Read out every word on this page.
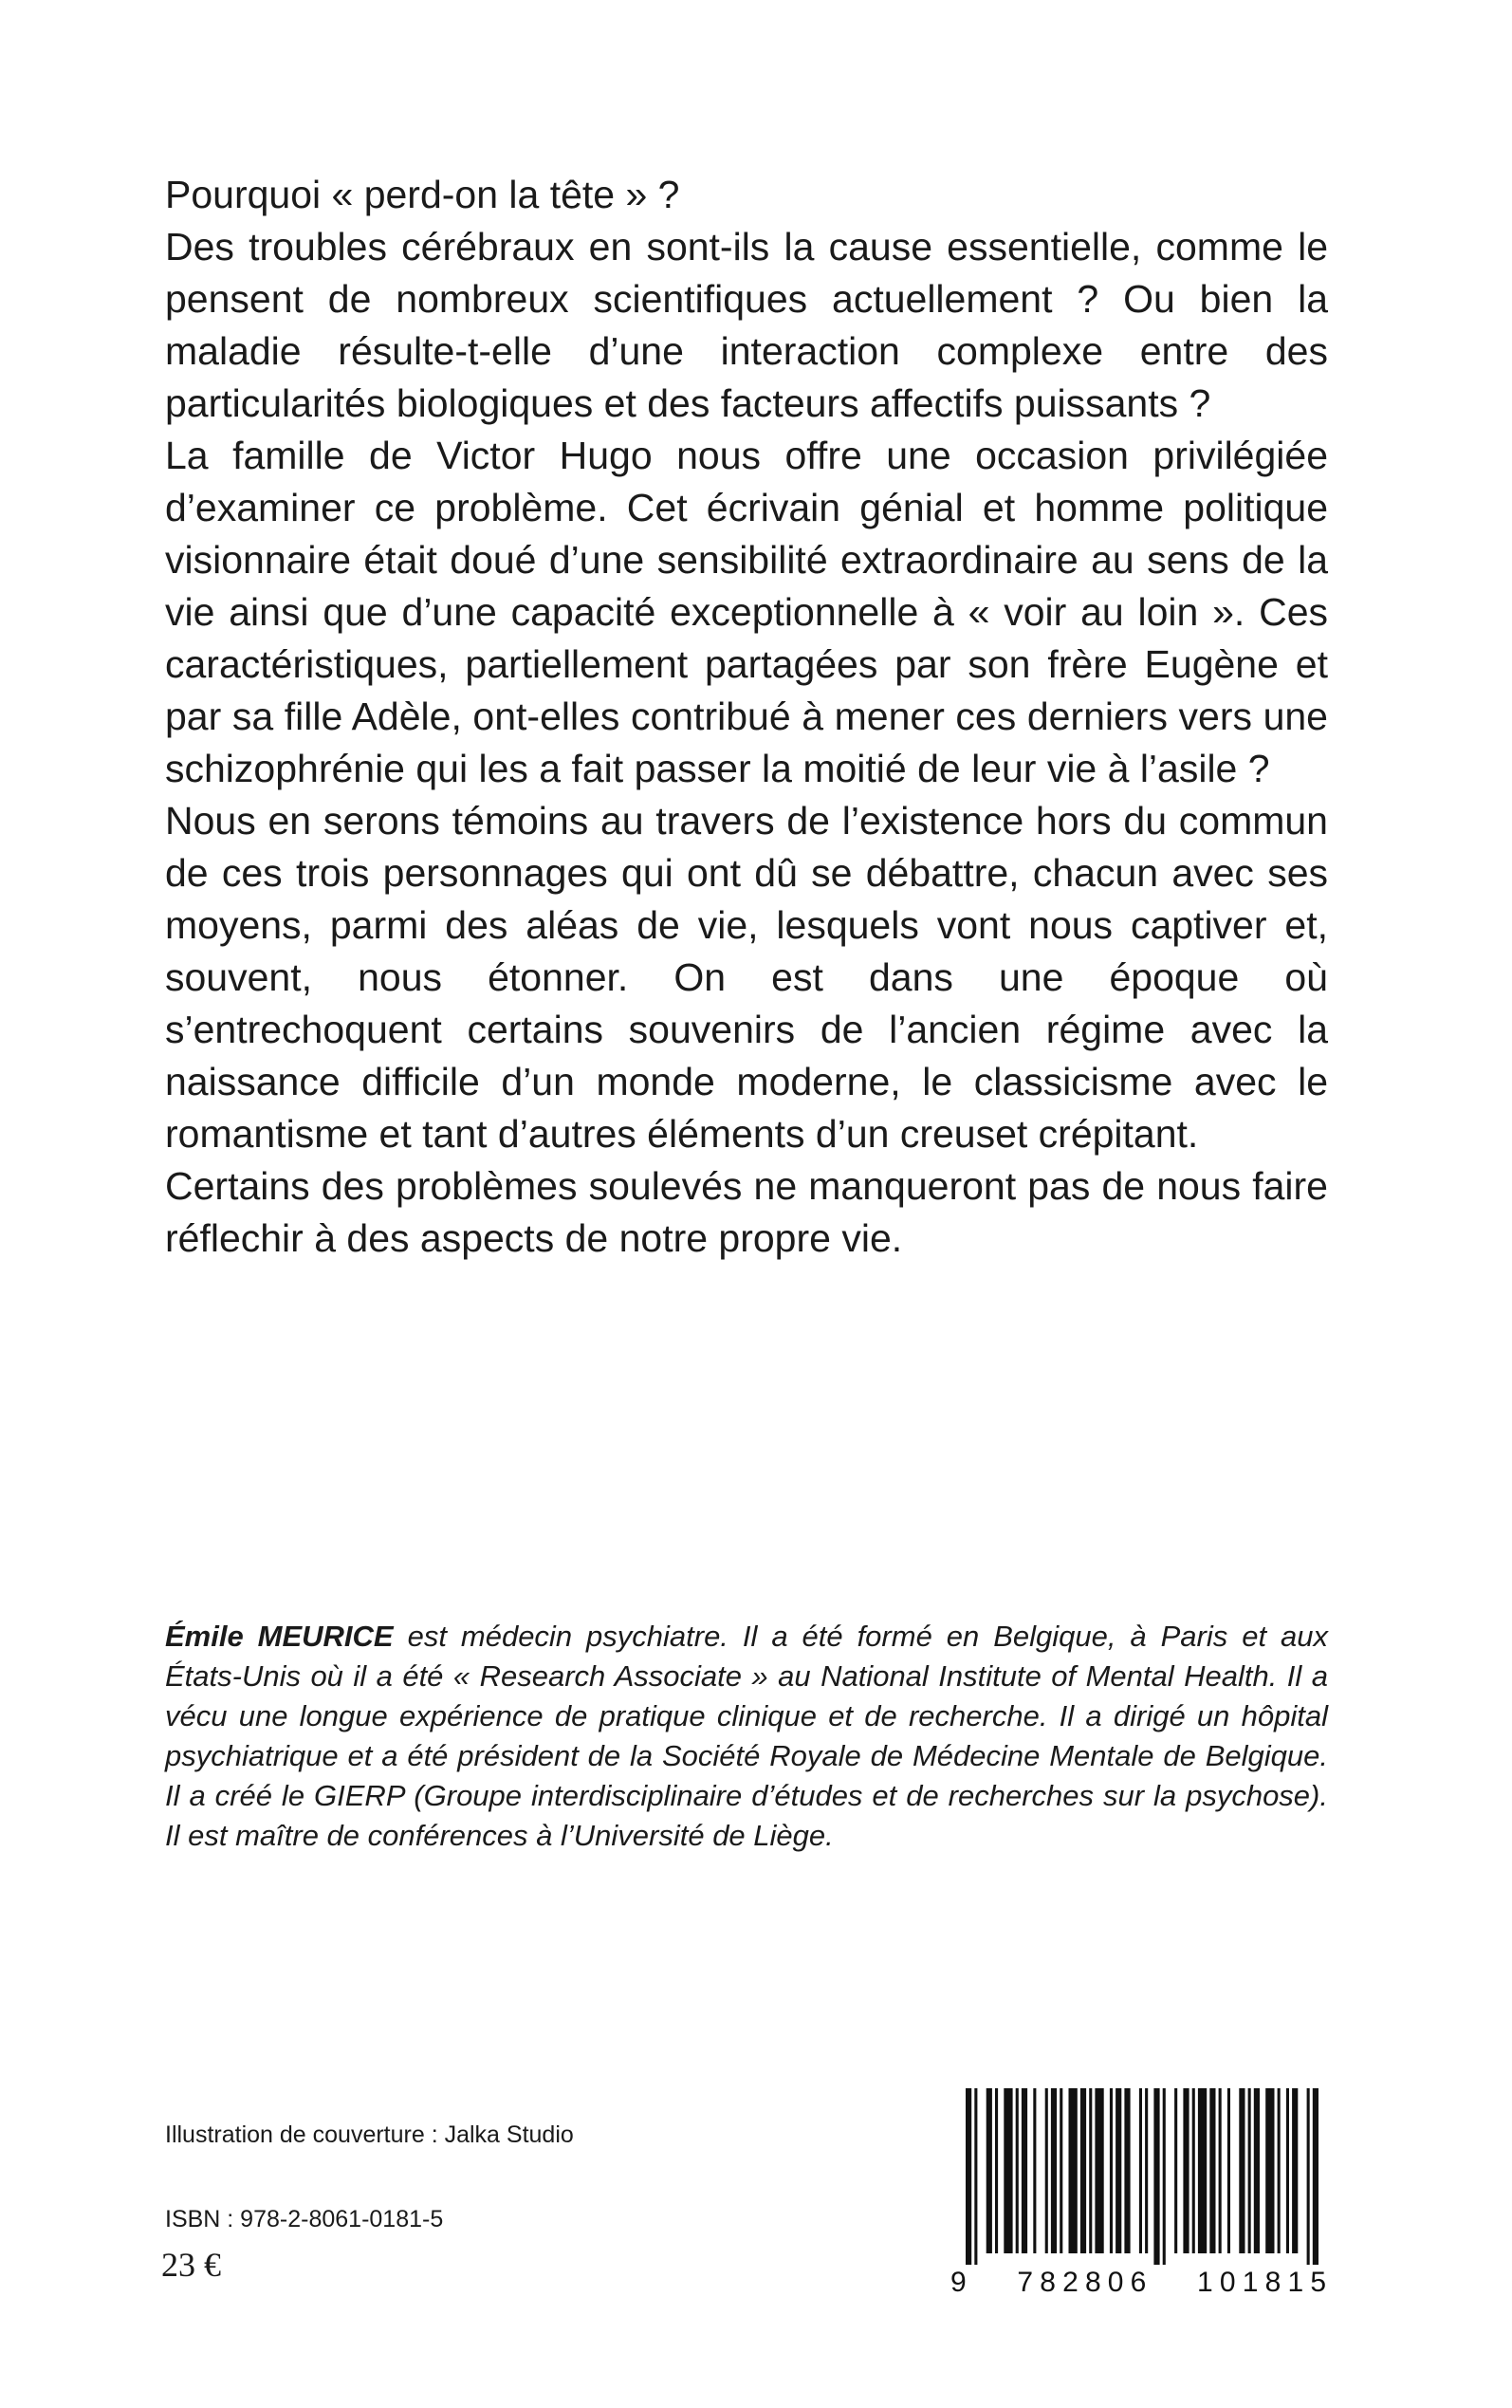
Pourquoi « perd-on la tête » ?

Des troubles cérébraux en sont-ils la cause essentielle, comme le pensent de nombreux scientifiques actuellement ? Ou bien la maladie résulte-t-elle d’une interaction complexe entre des particularités biologiques et des facteurs affectifs puissants ?

La famille de Victor Hugo nous offre une occasion privilégiée d’examiner ce problème. Cet écrivain génial et homme politique visionnaire était doué d’une sensibilité extraordinaire au sens de la vie ainsi que d’une capacité exceptionnelle à « voir au loin ». Ces caractéristiques, partiellement partagées par son frère Eugène et par sa fille Adèle, ont-elles contribué à mener ces derniers vers une schizophrénie qui les a fait passer la moitié de leur vie à l’asile ?

Nous en serons témoins au travers de l’existence hors du commun de ces trois personnages qui ont dû se débattre, chacun avec ses moyens, parmi des aléas de vie, lesquels vont nous captiver et, souvent, nous étonner. On est dans une époque où s’entrechoquent certains souvenirs de l’ancien régime avec la naissance difficile d’un monde moderne, le classicisme avec le romantisme et tant d’autres éléments d’un creuset crépitant.

Certains des problèmes soulevés ne manqueront pas de nous faire réflechir à des aspects de notre propre vie.

Émile MEURICE est médecin psychiatre. Il a été formé en Belgique, à Paris et aux États-Unis où il a été « Research Associate » au National Institute of Mental Health. Il a vécu une longue expérience de pratique clinique et de recherche. Il a dirigé un hôpital psychiatrique et a été président de la Société Royale de Médecine Mentale de Belgique. Il a créé le GIERP (Groupe interdisciplinaire d’études et de recherches sur la psychose). Il est maître de conférences à l’Université de Liège.

Illustration de couverture : Jalka Studio
ISBN : 978-2-8061-0181-5
23 €	9   782806   101815
